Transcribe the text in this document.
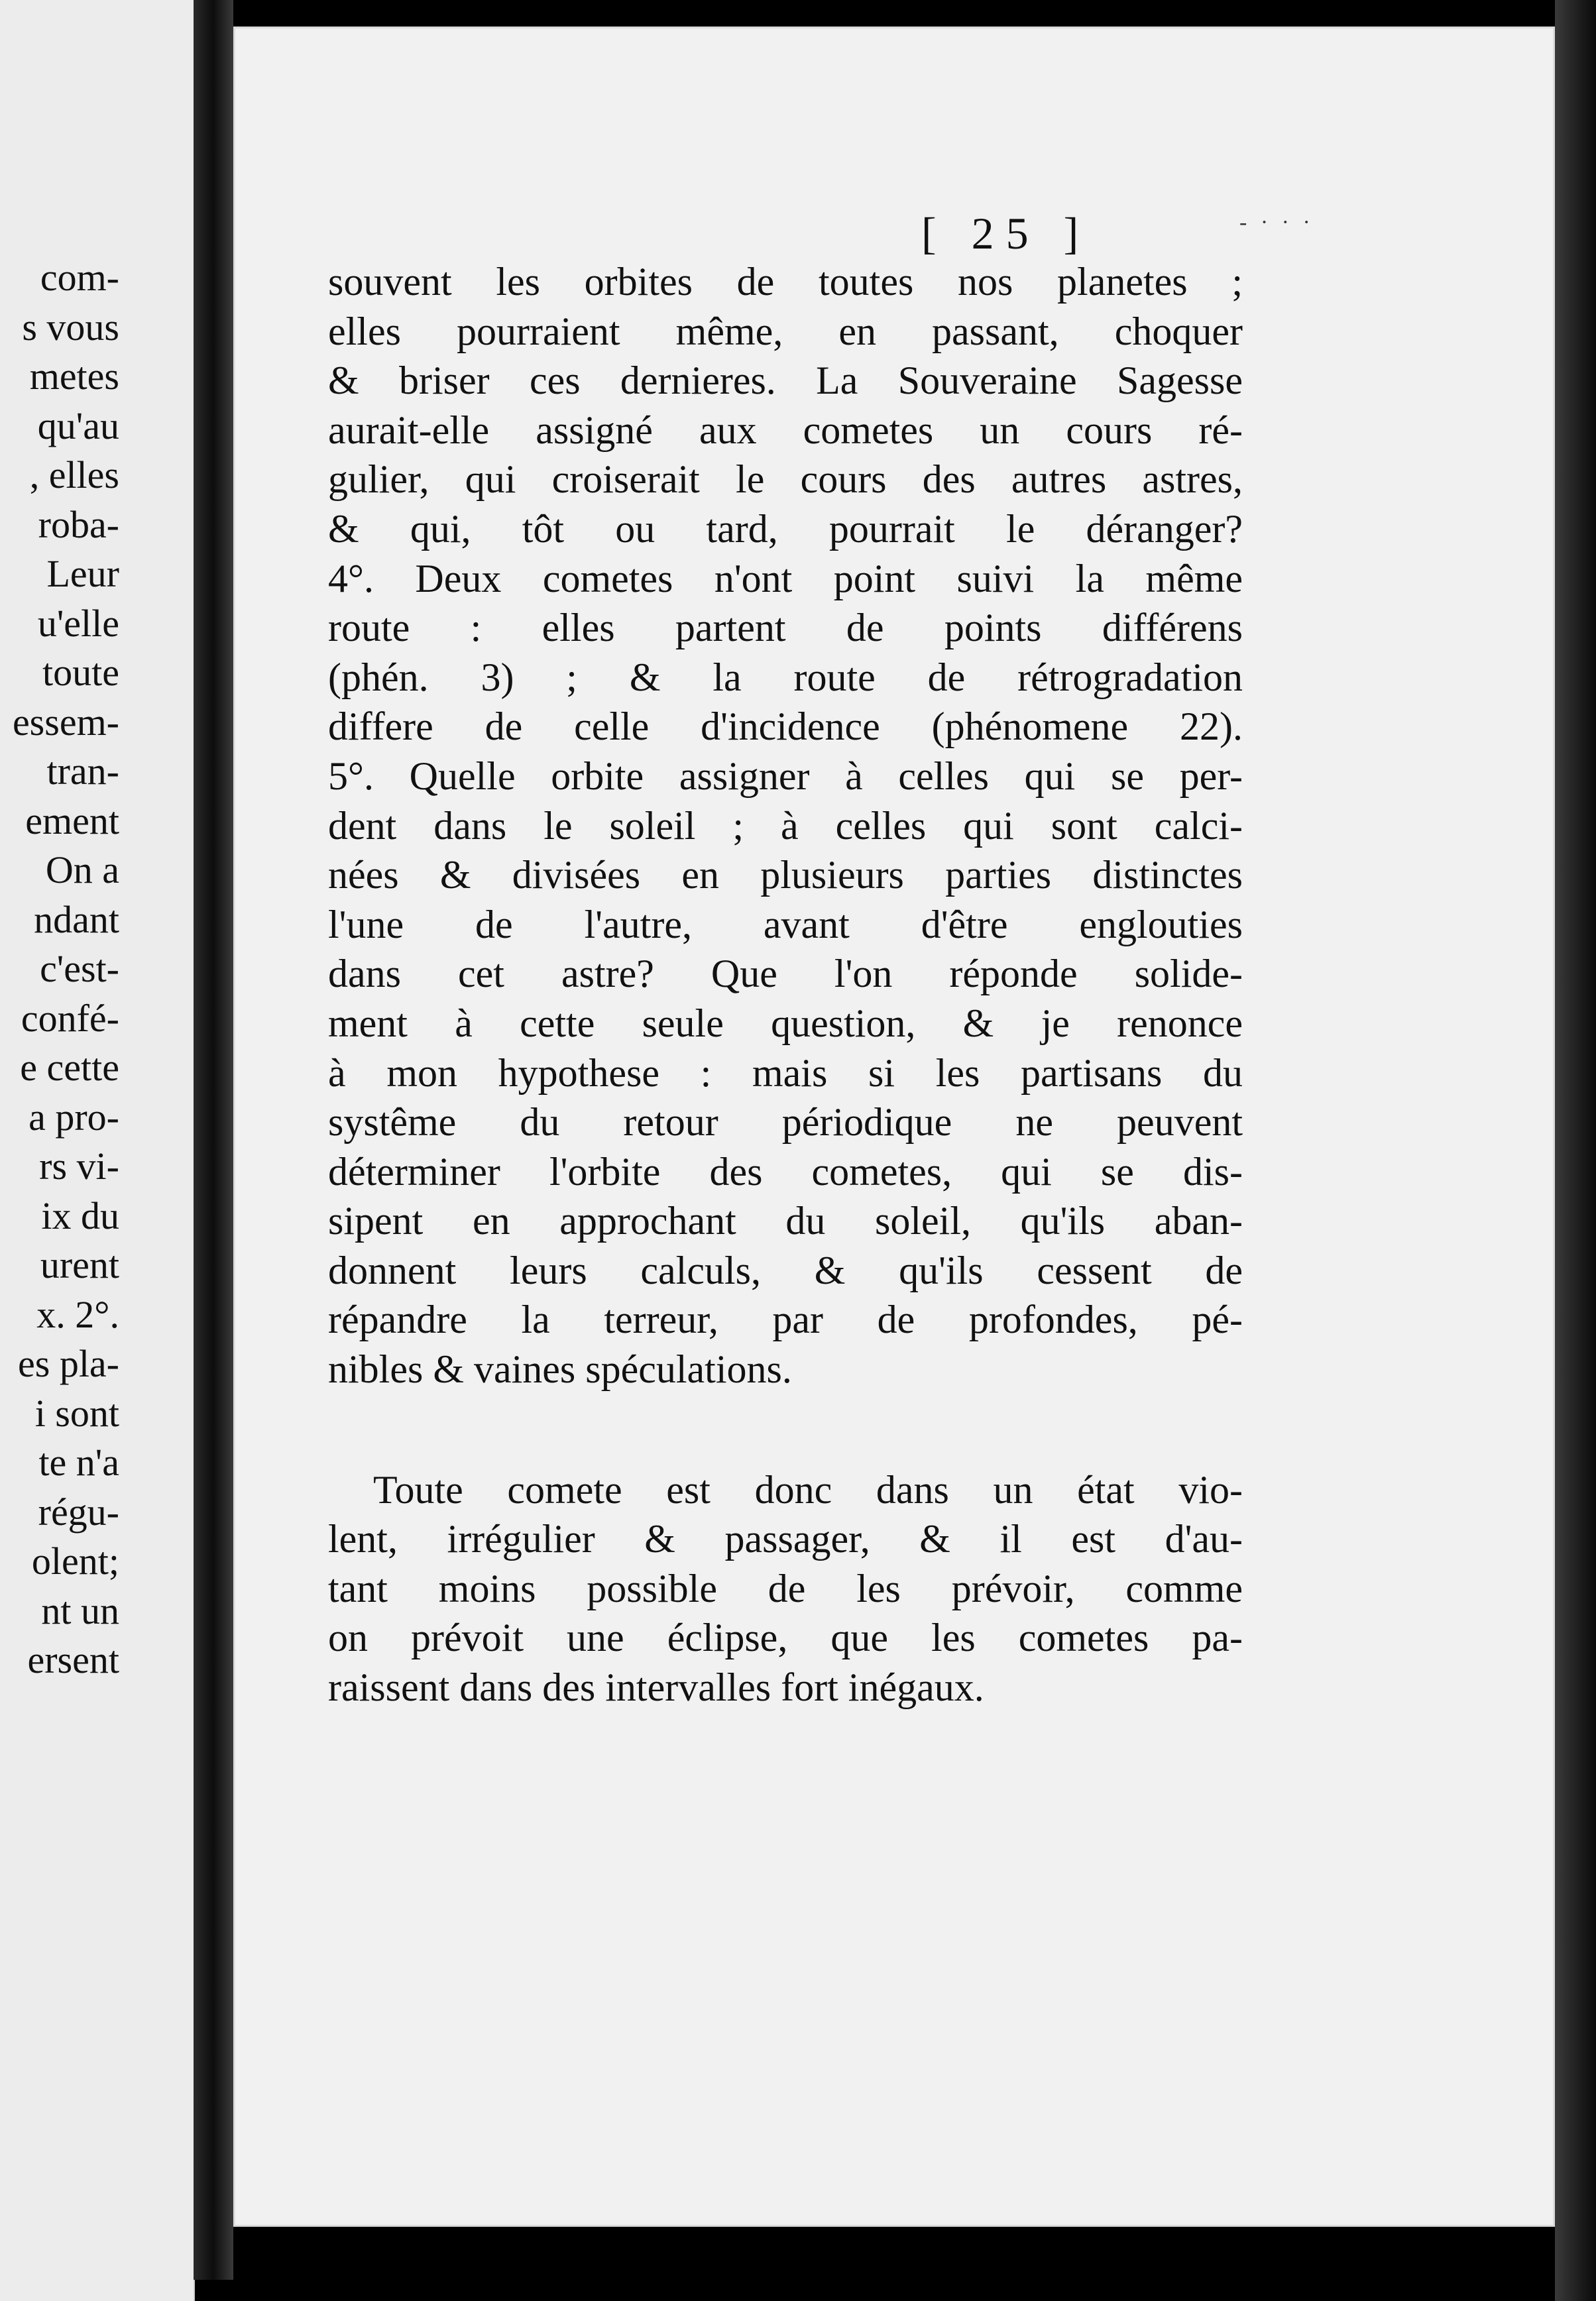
com-
s vous
metes
qu'au
, elles
roba-
Leur
u'elle
toute
essem-
tran-
ement
On a
ndant
c'est-
confé-
e cette
a pro-
rs vi-
ix du
urent
x. 2°.
es pla-
i sont
te n'a
régu-
olent;
nt un
ersent
[ 25 ]	- · · ·
souvent les orbites de toutes nos planetes ;
elles pourraient même, en passant, choquer
& briser ces dernieres. La Souveraine Sagesse
aurait-elle assigné aux cometes un cours ré-
gulier, qui croiserait le cours des autres astres,
& qui, tôt ou tard, pourrait le déranger?
4°. Deux cometes n'ont point suivi la même
route : elles partent de points différens
(phén. 3) ; & la route de rétrogradation
differe de celle d'incidence (phénomene 22).
5°. Quelle orbite assigner à celles qui se per-
dent dans le soleil ; à celles qui sont calci-
nées & divisées en plusieurs parties distinctes
l'une de l'autre, avant d'être englouties
dans cet astre? Que l'on réponde solide-
ment à cette seule question, & je renonce
à mon hypothese : mais si les partisans du
systême du retour périodique ne peuvent
déterminer l'orbite des cometes, qui se dis-
sipent en approchant du soleil, qu'ils aban-
donnent leurs calculs, & qu'ils cessent de
répandre la terreur, par de profondes, pé-
nibles & vaines spéculations.
Toute comete est donc dans un état vio-
lent, irrégulier & passager, & il est d'au-
tant moins possible de les prévoir, comme
on prévoit une éclipse, que les cometes pa-
raissent dans des intervalles fort inégaux.
